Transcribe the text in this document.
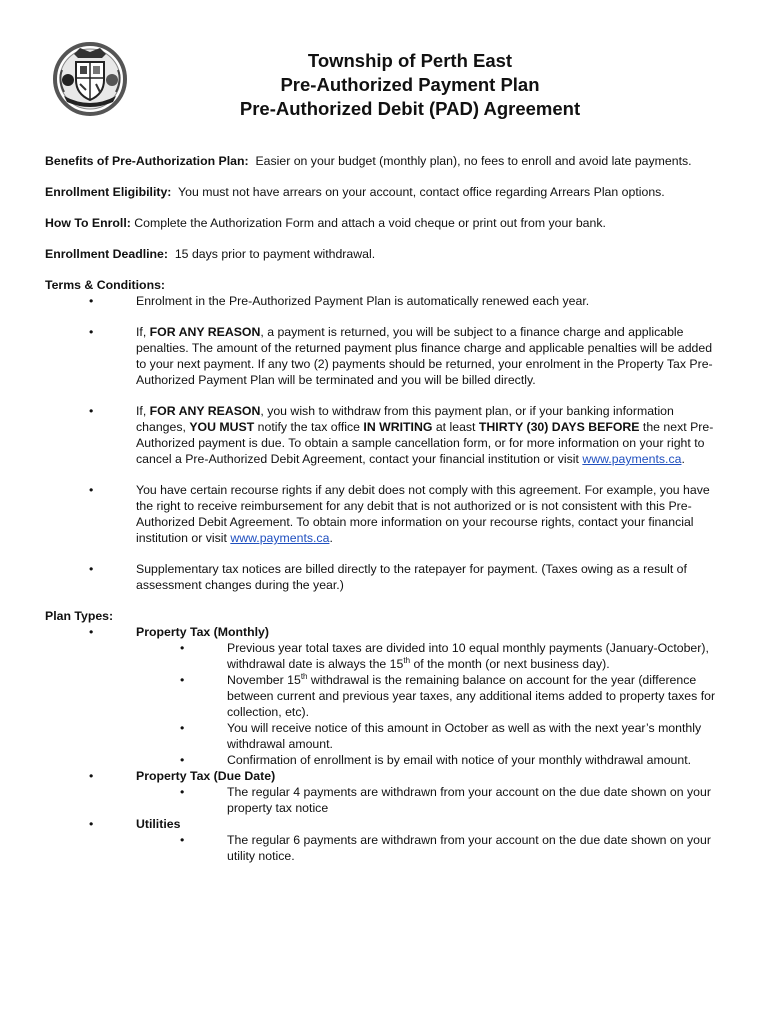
Township of Perth East
Pre-Authorized Payment Plan
Pre-Authorized Debit (PAD) Agreement

Benefits of Pre-Authorization Plan: Easier on your budget (monthly plan), no fees to enroll and avoid late payments.

Enrollment Eligibility: You must not have arrears on your account, contact office regarding Arrears Plan options.

How To Enroll: Complete the Authorization Form and attach a void cheque or print out from your bank.

Enrollment Deadline: 15 days prior to payment withdrawal.

Terms & Conditions:
•	Enrolment in the Pre-Authorized Payment Plan is automatically renewed each year.
•	If, FOR ANY REASON, a payment is returned, you will be subject to a finance charge and applicable penalties. The amount of the returned payment plus finance charge and applicable penalties will be added to your next payment. If any two (2) payments should be returned, your enrolment in the Property Tax Pre-Authorized Payment Plan will be terminated and you will be billed directly.
•	If, FOR ANY REASON, you wish to withdraw from this payment plan, or if your banking information changes, YOU MUST notify the tax office IN WRITING at least THIRTY (30) DAYS BEFORE the next Pre-Authorized payment is due. To obtain a sample cancellation form, or for more information on your right to cancel a Pre-Authorized Debit Agreement, contact your financial institution or visit www.payments.ca.
•	You have certain recourse rights if any debit does not comply with this agreement. For example, you have the right to receive reimbursement for any debit that is not authorized or is not consistent with this Pre-Authorized Debit Agreement. To obtain more information on your recourse rights, contact your financial institution or visit www.payments.ca.
•	Supplementary tax notices are billed directly to the ratepayer for payment. (Taxes owing as a result of assessment changes during the year.)
Plan Types:
•	Property Tax (Monthly)
•	Previous year total taxes are divided into 10 equal monthly payments (January-October), withdrawal date is always the 15th of the month (or next business day).
•	November 15th withdrawal is the remaining balance on account for the year (difference between current and previous year taxes, any additional items added to property taxes for collection, etc).
•	You will receive notice of this amount in October as well as with the next year’s monthly withdrawal amount.
•	Confirmation of enrollment is by email with notice of your monthly withdrawal amount.
•	Property Tax (Due Date)
•	The regular 4 payments are withdrawn from your account on the due date shown on your property tax notice
•	Utilities
•	The regular 6 payments are withdrawn from your account on the due date shown on your utility notice.
